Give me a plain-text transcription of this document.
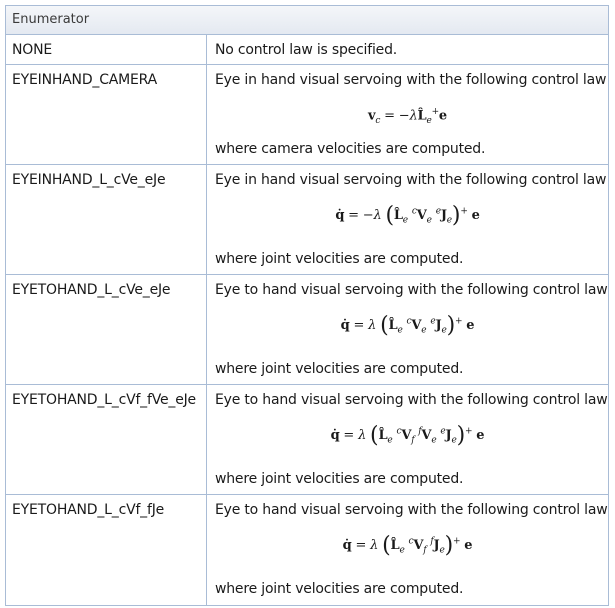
Enumerator
NONE	No control law is specified.
EYEINHAND_CAMERA	Eye in hand visual servoing with the following control law
$v_c$ = $-\lambda L̂_e^+e$
where camera velocities are computed.
EYEINHAND_L_cVe_eJe	Eye in hand visual servoing with the following control law
q̇ = −λ ($L̂_e$ $^cV_e$ $^eJ_e)^+$ e
where joint velocities are computed.
EYETOHAND_L_cVe_eJe	Eye to hand visual servoing with the following control law
q̇ = λ ($L̂_e$ $^cV_e$ $^eJ_e)^+$ e
where joint velocities are computed.
EYETOHAND_L_cVf_fVe_eJe	Eye to hand visual servoing with the following control law
q̇ = λ ($L̂_e$ $^cV_f$ $^fV_e$ $^eJ_e)^+$ e
where joint velocities are computed.
EYETOHAND_L_cVf_fJe	Eye to hand visual servoing with the following control law
q̇ = λ ($L̂_e$ $^cV_f$ $^fJ_e)^+$ e
where joint velocities are computed.
